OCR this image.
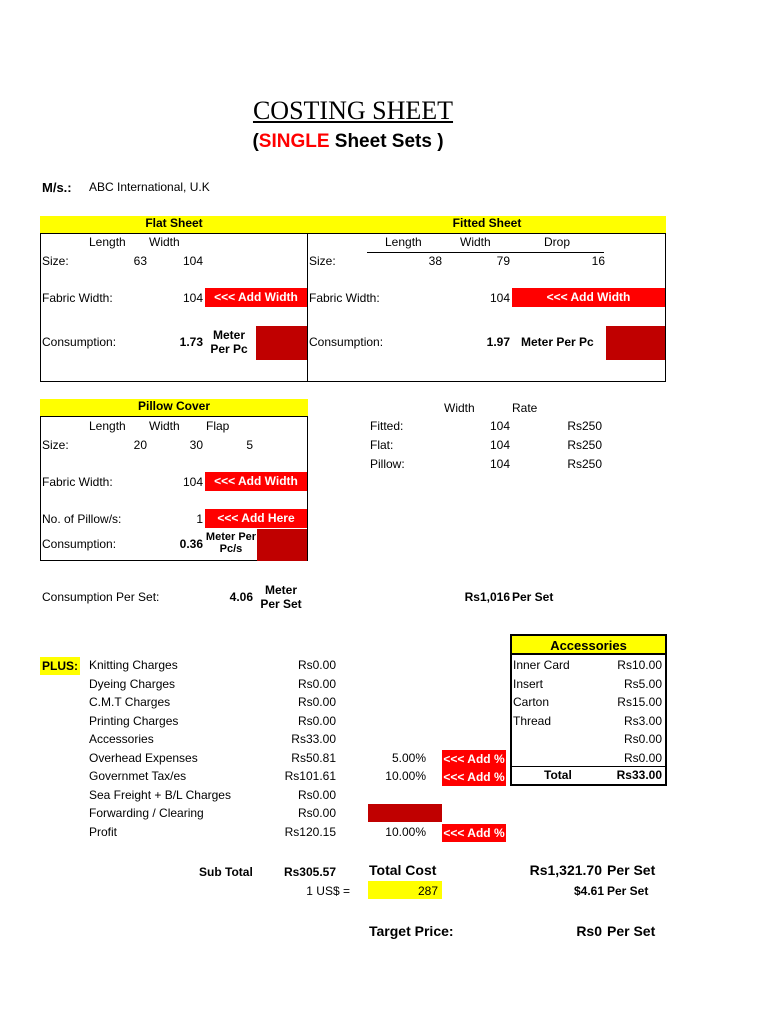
COSTING SHEET
(SINGLE Sheet Sets )
M/s.: ABC International, U.K
Flat Sheet
Length Width
Size:	63	104
Fabric Width:	104 <<< Add Width
Consumption:	1.73 Meter Per Pc
Fitted Sheet
Length	Width	Drop
Size:	38	79	16
Fabric Width:	104	<<< Add Width
Consumption:	1.97 Meter Per Pc
Pillow Cover
Length Width Flap
Size:	20	30	5
Fabric Width:	104 <<< Add Width
No. of Pillow/s:	1	<<< Add Here
Consumption:	0.36 Meter Per Pc/s
Width	Rate
Fitted:	104	Rs250
Flat:	104	Rs250
Pillow:	104	Rs250
Consumption Per Set:	4.06 Meter Per Set	Rs1,016 Per Set
PLUS: Knitting Charges	Rs0.00
Dyeing Charges	Rs0.00
C.M.T Charges	Rs0.00
Printing Charges	Rs0.00
Accessories	Rs33.00
Overhead Expenses	Rs50.81	5.00% <<< Add %
Governmet Tax/es	Rs101.61	10.00% <<< Add %
Sea Freight + B/L Charges	Rs0.00
Forwarding / Clearing	Rs0.00
Profit	Rs120.15	10.00% <<< Add %
Accessories
Inner Card	Rs10.00
Insert	Rs5.00
Carton	Rs15.00
Thread	Rs3.00
Rs0.00
Rs0.00
Total	Rs33.00
Sub Total	Rs305.57 Total Cost	Rs1,321.70 Per Set
1 US$ =	287	$4.61 Per Set
Target Price:	Rs0 Per Set
